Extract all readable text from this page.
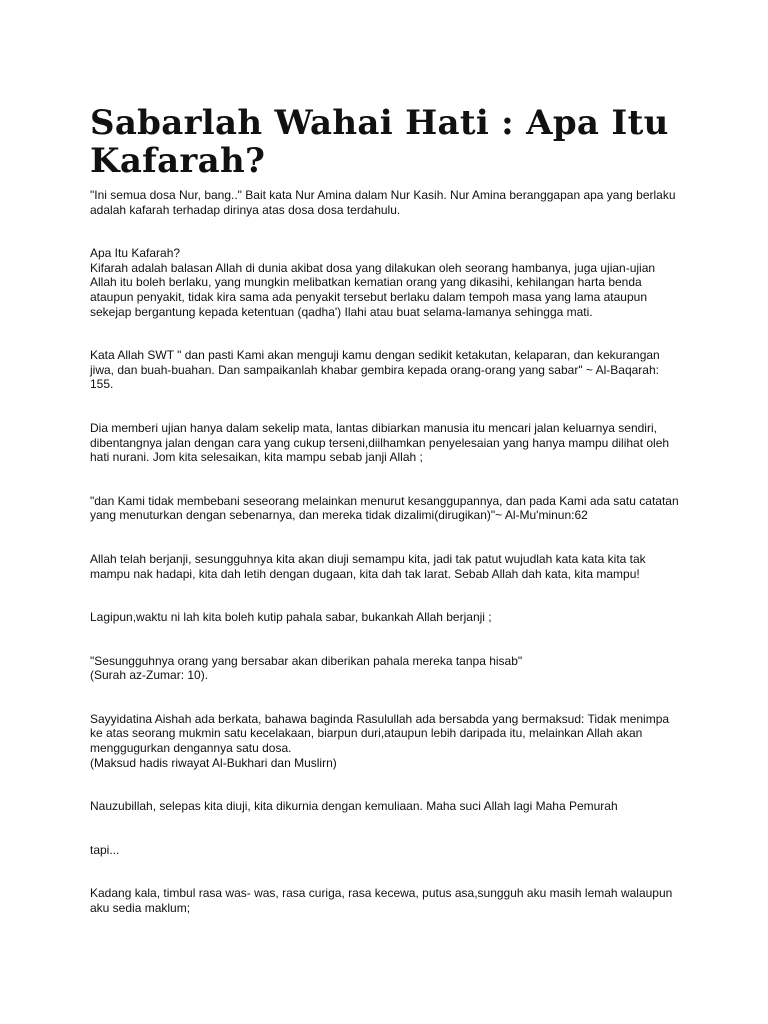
Sabarlah Wahai Hati : Apa Itu Kafarah?

"Ini semua dosa Nur, bang.." Bait kata Nur Amina dalam Nur Kasih. Nur Amina beranggapan apa yang berlaku adalah kafarah terhadap dirinya atas dosa dosa terdahulu.

Apa Itu Kafarah?

Kifarah adalah balasan Allah di dunia akibat dosa yang dilakukan oleh seorang hambanya, juga ujian-ujian Allah itu boleh berlaku, yang mungkin melibatkan kematian orang yang dikasihi, kehilangan harta benda ataupun penyakit, tidak kira sama ada penyakit tersebut berlaku dalam tempoh masa yang lama ataupun sekejap bergantung kepada ketentuan (qadha') Ilahi atau buat selama-lamanya sehingga mati.

Kata Allah SWT " dan pasti Kami akan menguji kamu dengan sedikit ketakutan, kelaparan, dan kekurangan jiwa, dan buah-buahan. Dan sampaikanlah khabar gembira kepada orang-orang yang sabar" ~ Al-Baqarah: 155.

Dia memberi ujian hanya dalam sekelip mata, lantas dibiarkan manusia itu mencari jalan keluarnya sendiri, dibentangnya jalan dengan cara yang cukup terseni,diilhamkan penyelesaian yang hanya mampu dilihat oleh hati nurani. Jom kita selesaikan, kita mampu sebab janji Allah ;

"dan Kami tidak membebani seseorang melainkan menurut kesanggupannya, dan pada Kami ada satu catatan yang menuturkan dengan sebenarnya, dan mereka tidak dizalimi(dirugikan)"~ Al-Mu'minun:62

Allah telah berjanji, sesungguhnya kita akan diuji semampu kita, jadi tak patut wujudlah kata kata kita tak mampu nak hadapi, kita dah letih dengan dugaan, kita dah tak larat. Sebab Allah dah kata, kita mampu!

Lagipun,waktu ni lah kita boleh kutip pahala sabar, bukankah Allah berjanji ;

"Sesungguhnya orang yang bersabar akan diberikan pahala mereka tanpa hisab"

(Surah az-Zumar: 10).

Sayyidatina Aishah ada berkata, bahawa baginda Rasulullah ada bersabda yang bermaksud: Tidak menimpa ke atas seorang mukmin satu kecelakaan, biarpun duri,ataupun lebih daripada itu, melainkan Allah akan menggugurkan dengannya satu dosa.

(Maksud hadis riwayat Al-Bukhari dan Muslirn)

Nauzubillah, selepas kita diuji, kita dikurnia dengan kemuliaan. Maha suci Allah lagi Maha Pemurah

tapi...

Kadang kala, timbul rasa was- was, rasa curiga, rasa kecewa, putus asa,sungguh aku masih lemah walaupun aku sedia maklum;
